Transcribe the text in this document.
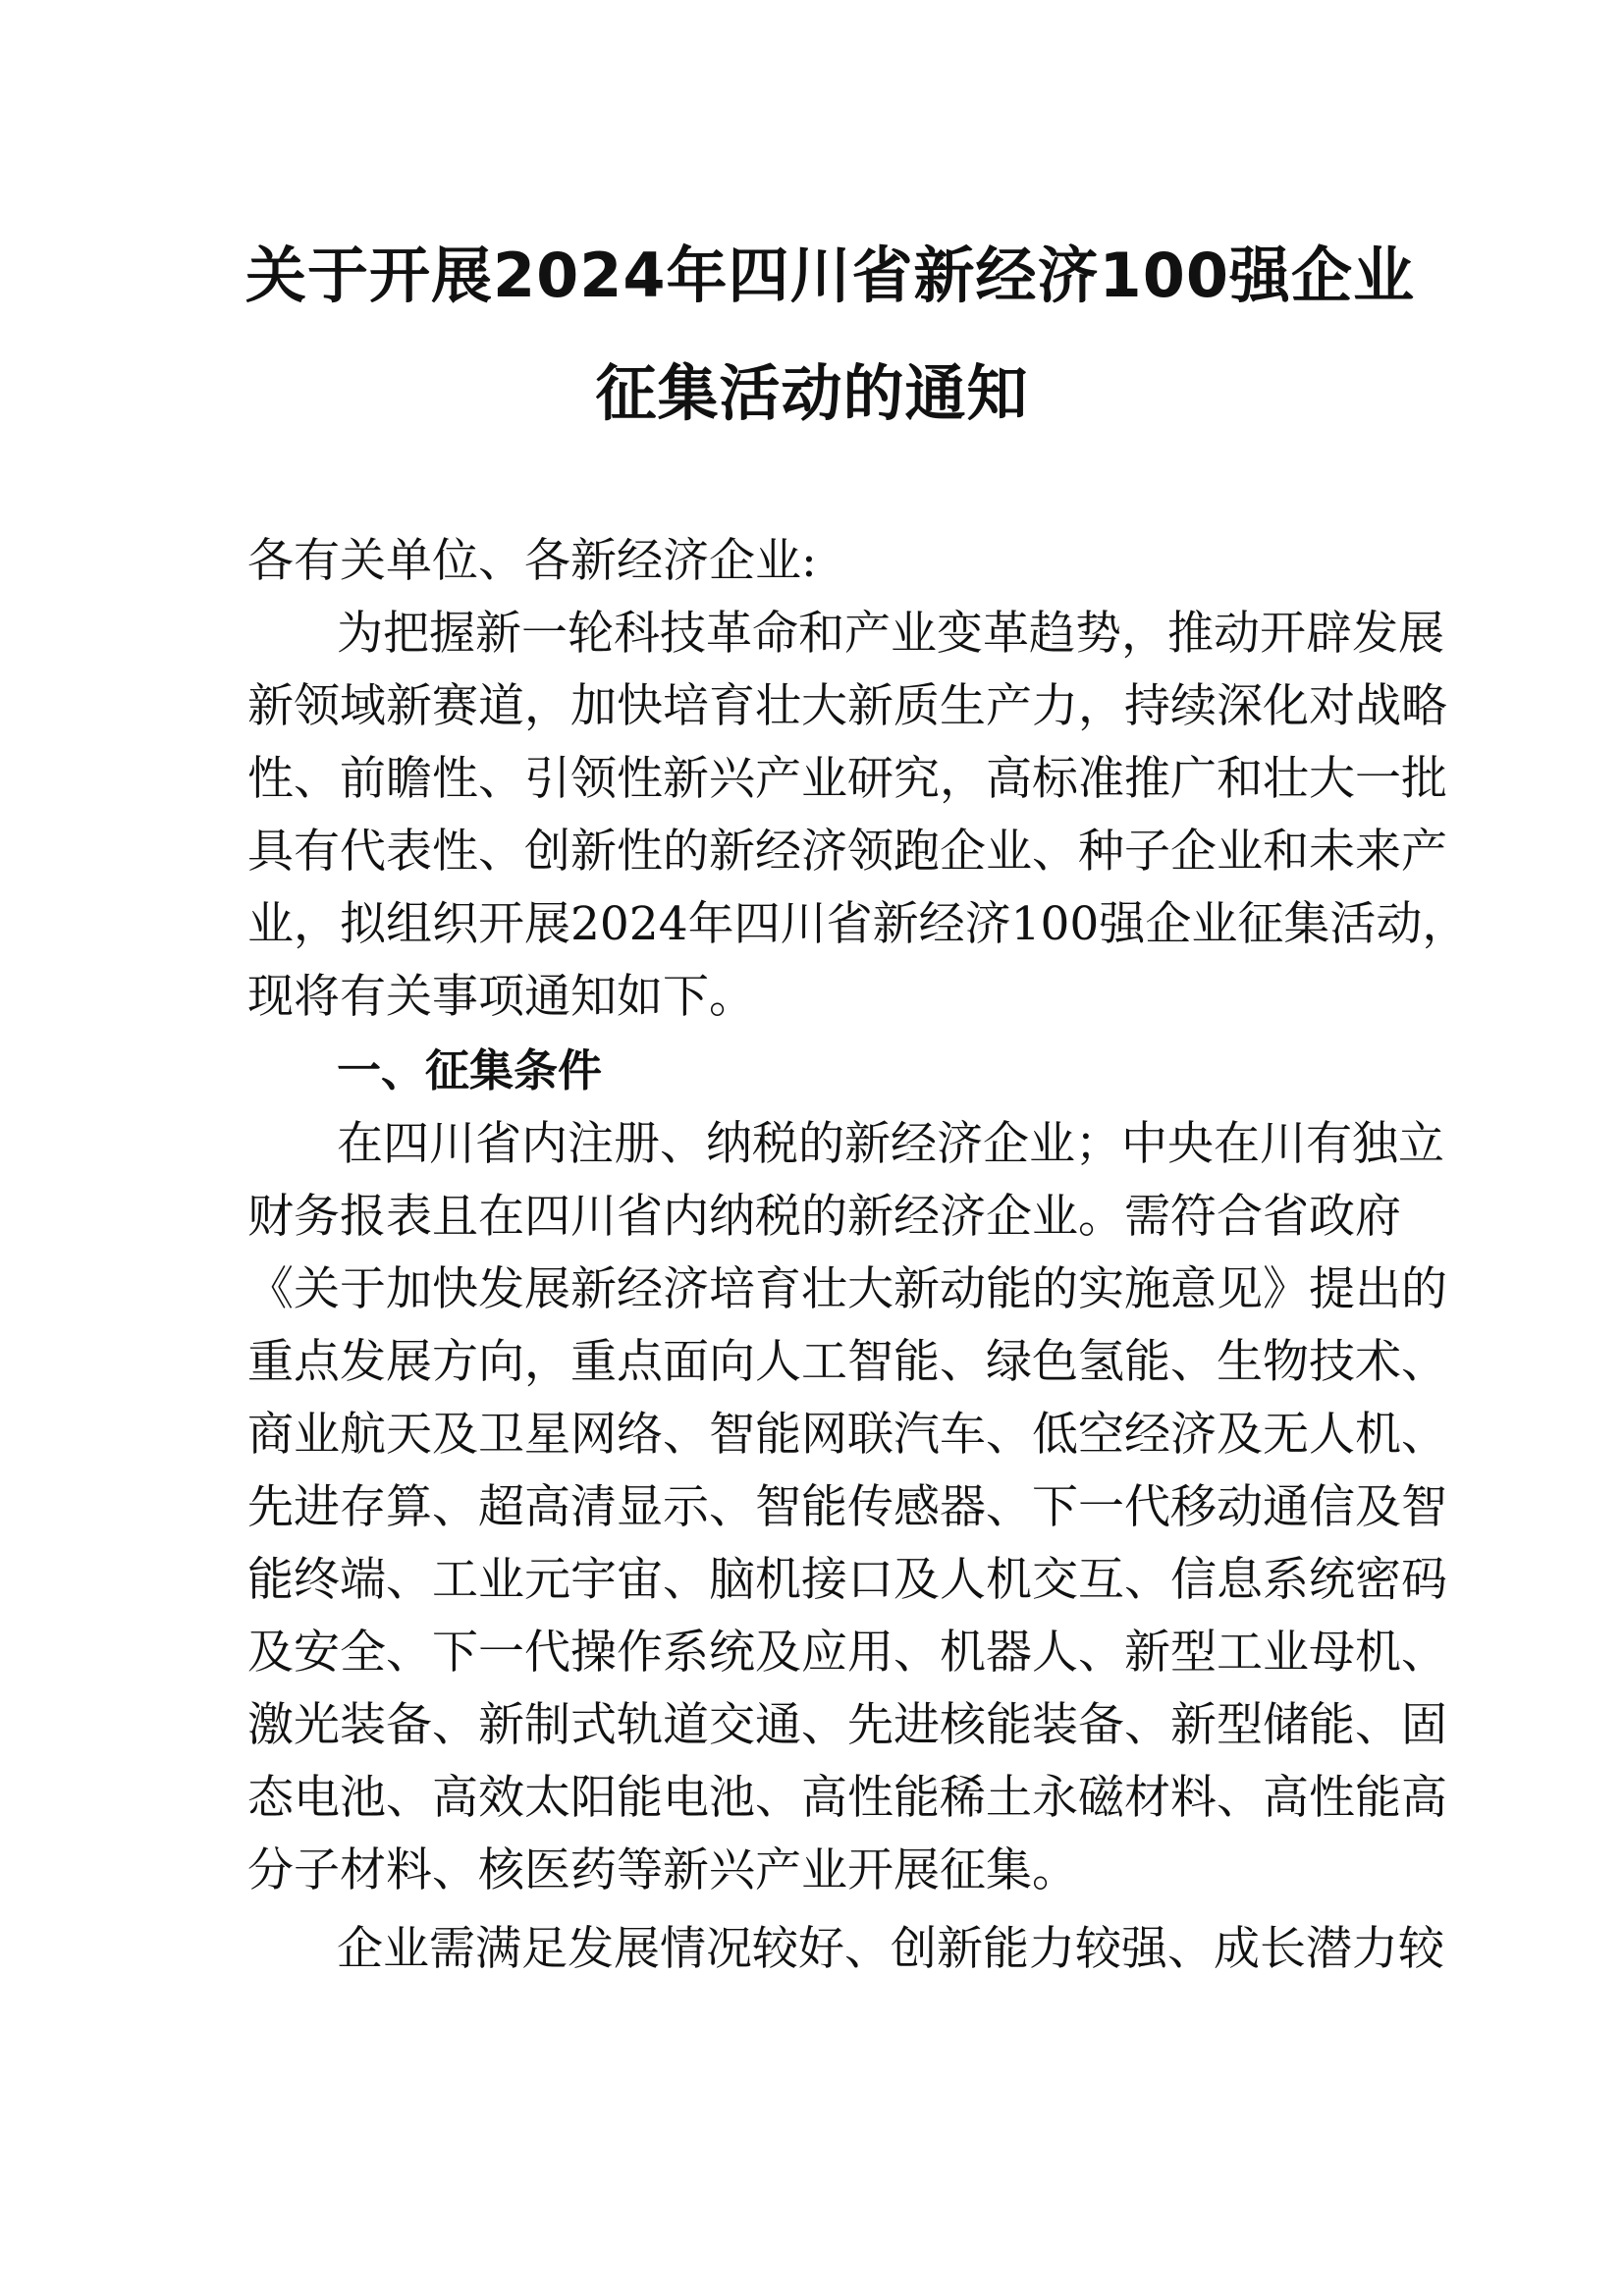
关于开展2024年四川省新经济100强企业
征集活动的通知
各有关单位、各新经济企业:
为把握新一轮科技革命和产业变革趋势，推动开辟发展
新领域新赛道，加快培育壮大新质生产力，持续深化对战略
性、前瞻性、引领性新兴产业研究，高标准推广和壮大一批
具有代表性、创新性的新经济领跑企业、种子企业和未来产
业，拟组织开展2024年四川省新经济100强企业征集活动，
现将有关事项通知如下。
一、征集条件
在四川省内注册、纳税的新经济企业；中央在川有独立
财务报表且在四川省内纳税的新经济企业。需符合省政府
《关于加快发展新经济培育壮大新动能的实施意见》提出的
重点发展方向，重点面向人工智能、绿色氢能、生物技术、
商业航天及卫星网络、智能网联汽车、低空经济及无人机、
先进存算、超高清显示、智能传感器、下一代移动通信及智
能终端、工业元宇宙、脑机接口及人机交互、信息系统密码
及安全、下一代操作系统及应用、机器人、新型工业母机、
激光装备、新制式轨道交通、先进核能装备、新型储能、固
态电池、高效太阳能电池、高性能稀土永磁材料、高性能高
分子材料、核医药等新兴产业开展征集。
企业需满足发展情况较好、创新能力较强、成长潜力较
